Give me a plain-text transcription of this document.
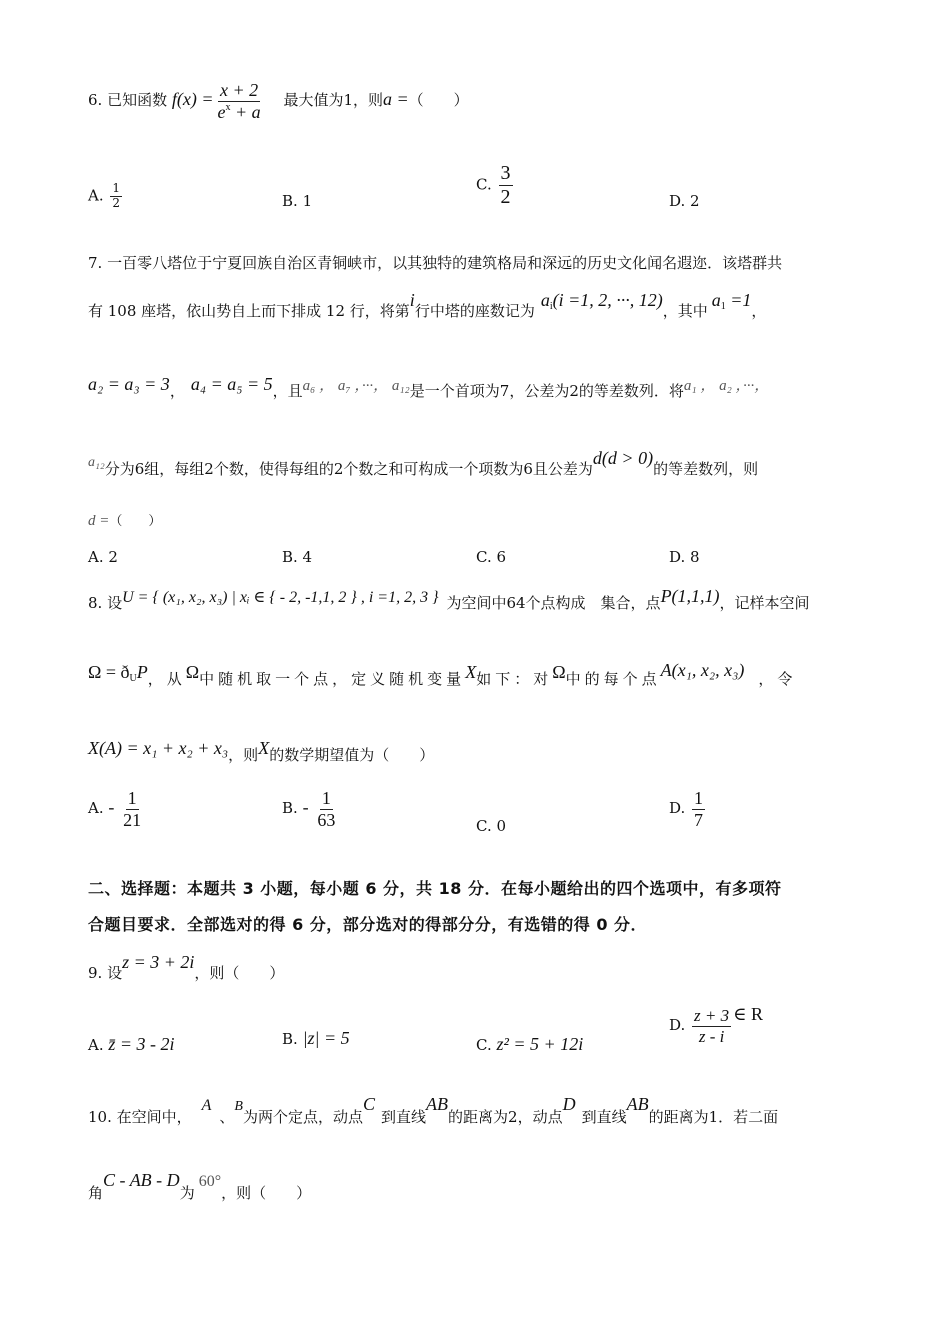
6. 已知函数 $f(x) = \frac{x + 2}{e^x + a}$ 最大值为1，则a =（　　）
A. $\frac{1}{2}$	B. 1
C. $\frac{3}{2}$	D. 2
7. 一百零八塔位于宁夏回族自治区青铜峡市，以其独特的建筑格局和深远的历史文化闻名遐迩．该塔群共
有 108 座塔，依山势自上而下排成 12 行，将第i行中塔的座数记为$a_i(i =1$, 2, ···, 12)，其中$a_1 =1$，
a₂ = a₃ = 3， a₄ = a₅ = 5，且a₆ ， a₇ ，···， a₁₂是一个首项为7，公差为2的等差数列．将a₁ ， a₂ ，···，
a₁₂分为6组，每组2个数，使得每组的2个数之和可构成一个项数为6且公差为d(d > 0)的等差数列，则
d =（　　）
A. 2	B. 4	C. 6	D. 8
8. 设U = { (x₁, x₂, x₃) | xᵢ ∈ { - 2, -1,1, 2 } , i =1, 2, 3 } 为空间中64个点构成　集合，点P(1,1,1)，记样本空间
$\Omega = ð_UP$，从Ω中随机取一个点，定义随机变量X如下：对Ω中的每个点A(x₁, x₂, x₃) ，令
X(A) = x₁ + x₂ + x₃，则X的数学期望值为（　　）
A. - $\frac{1}{21}$	B. - $\frac{1}{63}$	C. 0
D. $\frac{1}{7}$
二、选择题：本题共 3 小题，每小题 6 分，共 18 分．在每小题给出的四个选项中，有多项符
合题目要求．全部选对的得 6 分，部分选对的得部分分，有选错的得 0 分．
9. 设z = 3 + 2i，则（　　）
A. z̄ = 3 - 2i	B. |z| = 5	C. z² = 5 + 12i
D. $\frac{z + 3}{z - i}$ ∈ R
10. 在空间中，A、B为两个定点，动点C到直线AB的距离为2，动点D到直线AB的距离为1．若二面
角C - AB - D为60°，则（　　）
